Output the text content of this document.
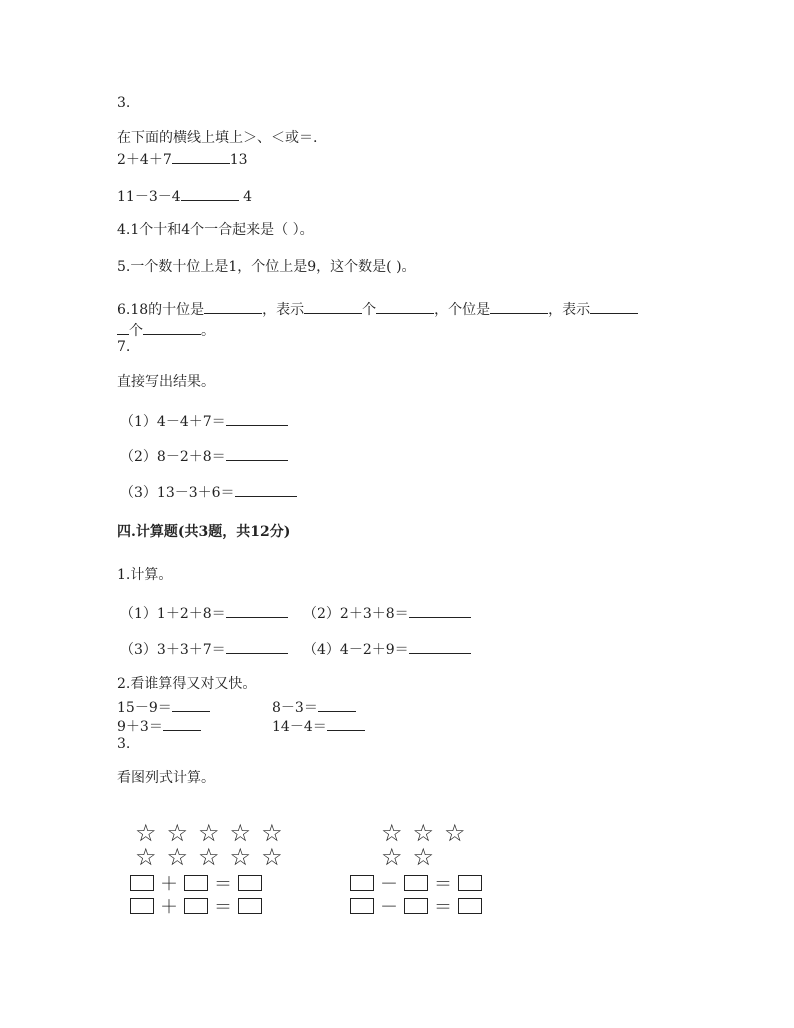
3.
在下面的横线上填上＞、＜或＝.
2＋4＋7	13
11－3－4	4
4.1个十和4个一合起来是（ ）。
5.一个数十位上是1，个位上是9，这个数是( )。
6.18的十位是	，表示	个	，个位是	，表示
个	。
7.
直接写出结果。
（1）4－4＋7＝
（2）8－2＋8＝
（3）13－3＋6＝
四.计算题(共3题，共12分)
1.计算。
（1）1＋2＋8＝	（2）2＋3＋8＝
（3）3＋3＋7＝	（4）4－2＋9＝
2.看谁算得又对又快。
15－9＝	8－3＝
9＋3＝	14－4＝
3.
看图列式计算。
☆☆☆☆☆
☆☆☆☆☆
☆☆☆
☆☆
＋ ＝
＋ ＝
－ ＝
－ ＝
